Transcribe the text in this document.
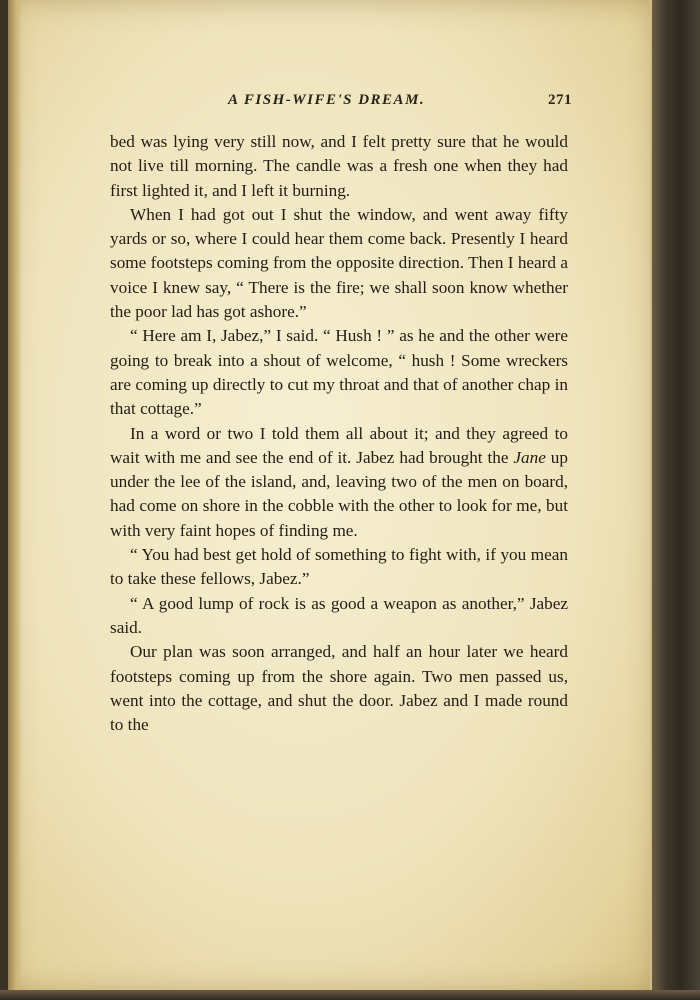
A FISH-WIFE'S DREAM.	271

bed was lying very still now, and I felt pretty sure that he would not live till morning. The candle was a fresh one when they had first lighted it, and I left it burning.

When I had got out I shut the window, and went away fifty yards or so, where I could hear them come back. Presently I heard some footsteps coming from the opposite direction. Then I heard a voice I knew say, “ There is the fire; we shall soon know whether the poor lad has got ashore.”

“ Here am I, Jabez,” I said. “ Hush ! ” as he and the other were going to break into a shout of welcome, “ hush ! Some wreckers are coming up directly to cut my throat and that of another chap in that cottage.”

In a word or two I told them all about it; and they agreed to wait with me and see the end of it. Jabez had brought the Jane up under the lee of the island, and, leaving two of the men on board, had come on shore in the cobble with the other to look for me, but with very faint hopes of finding me.

“ You had best get hold of something to fight with, if you mean to take these fellows, Jabez.”

“ A good lump of rock is as good a weapon as another,” Jabez said.

Our plan was soon arranged, and half an hour later we heard footsteps coming up from the shore again. Two men passed us, went into the cottage, and shut the door. Jabez and I made round to the
